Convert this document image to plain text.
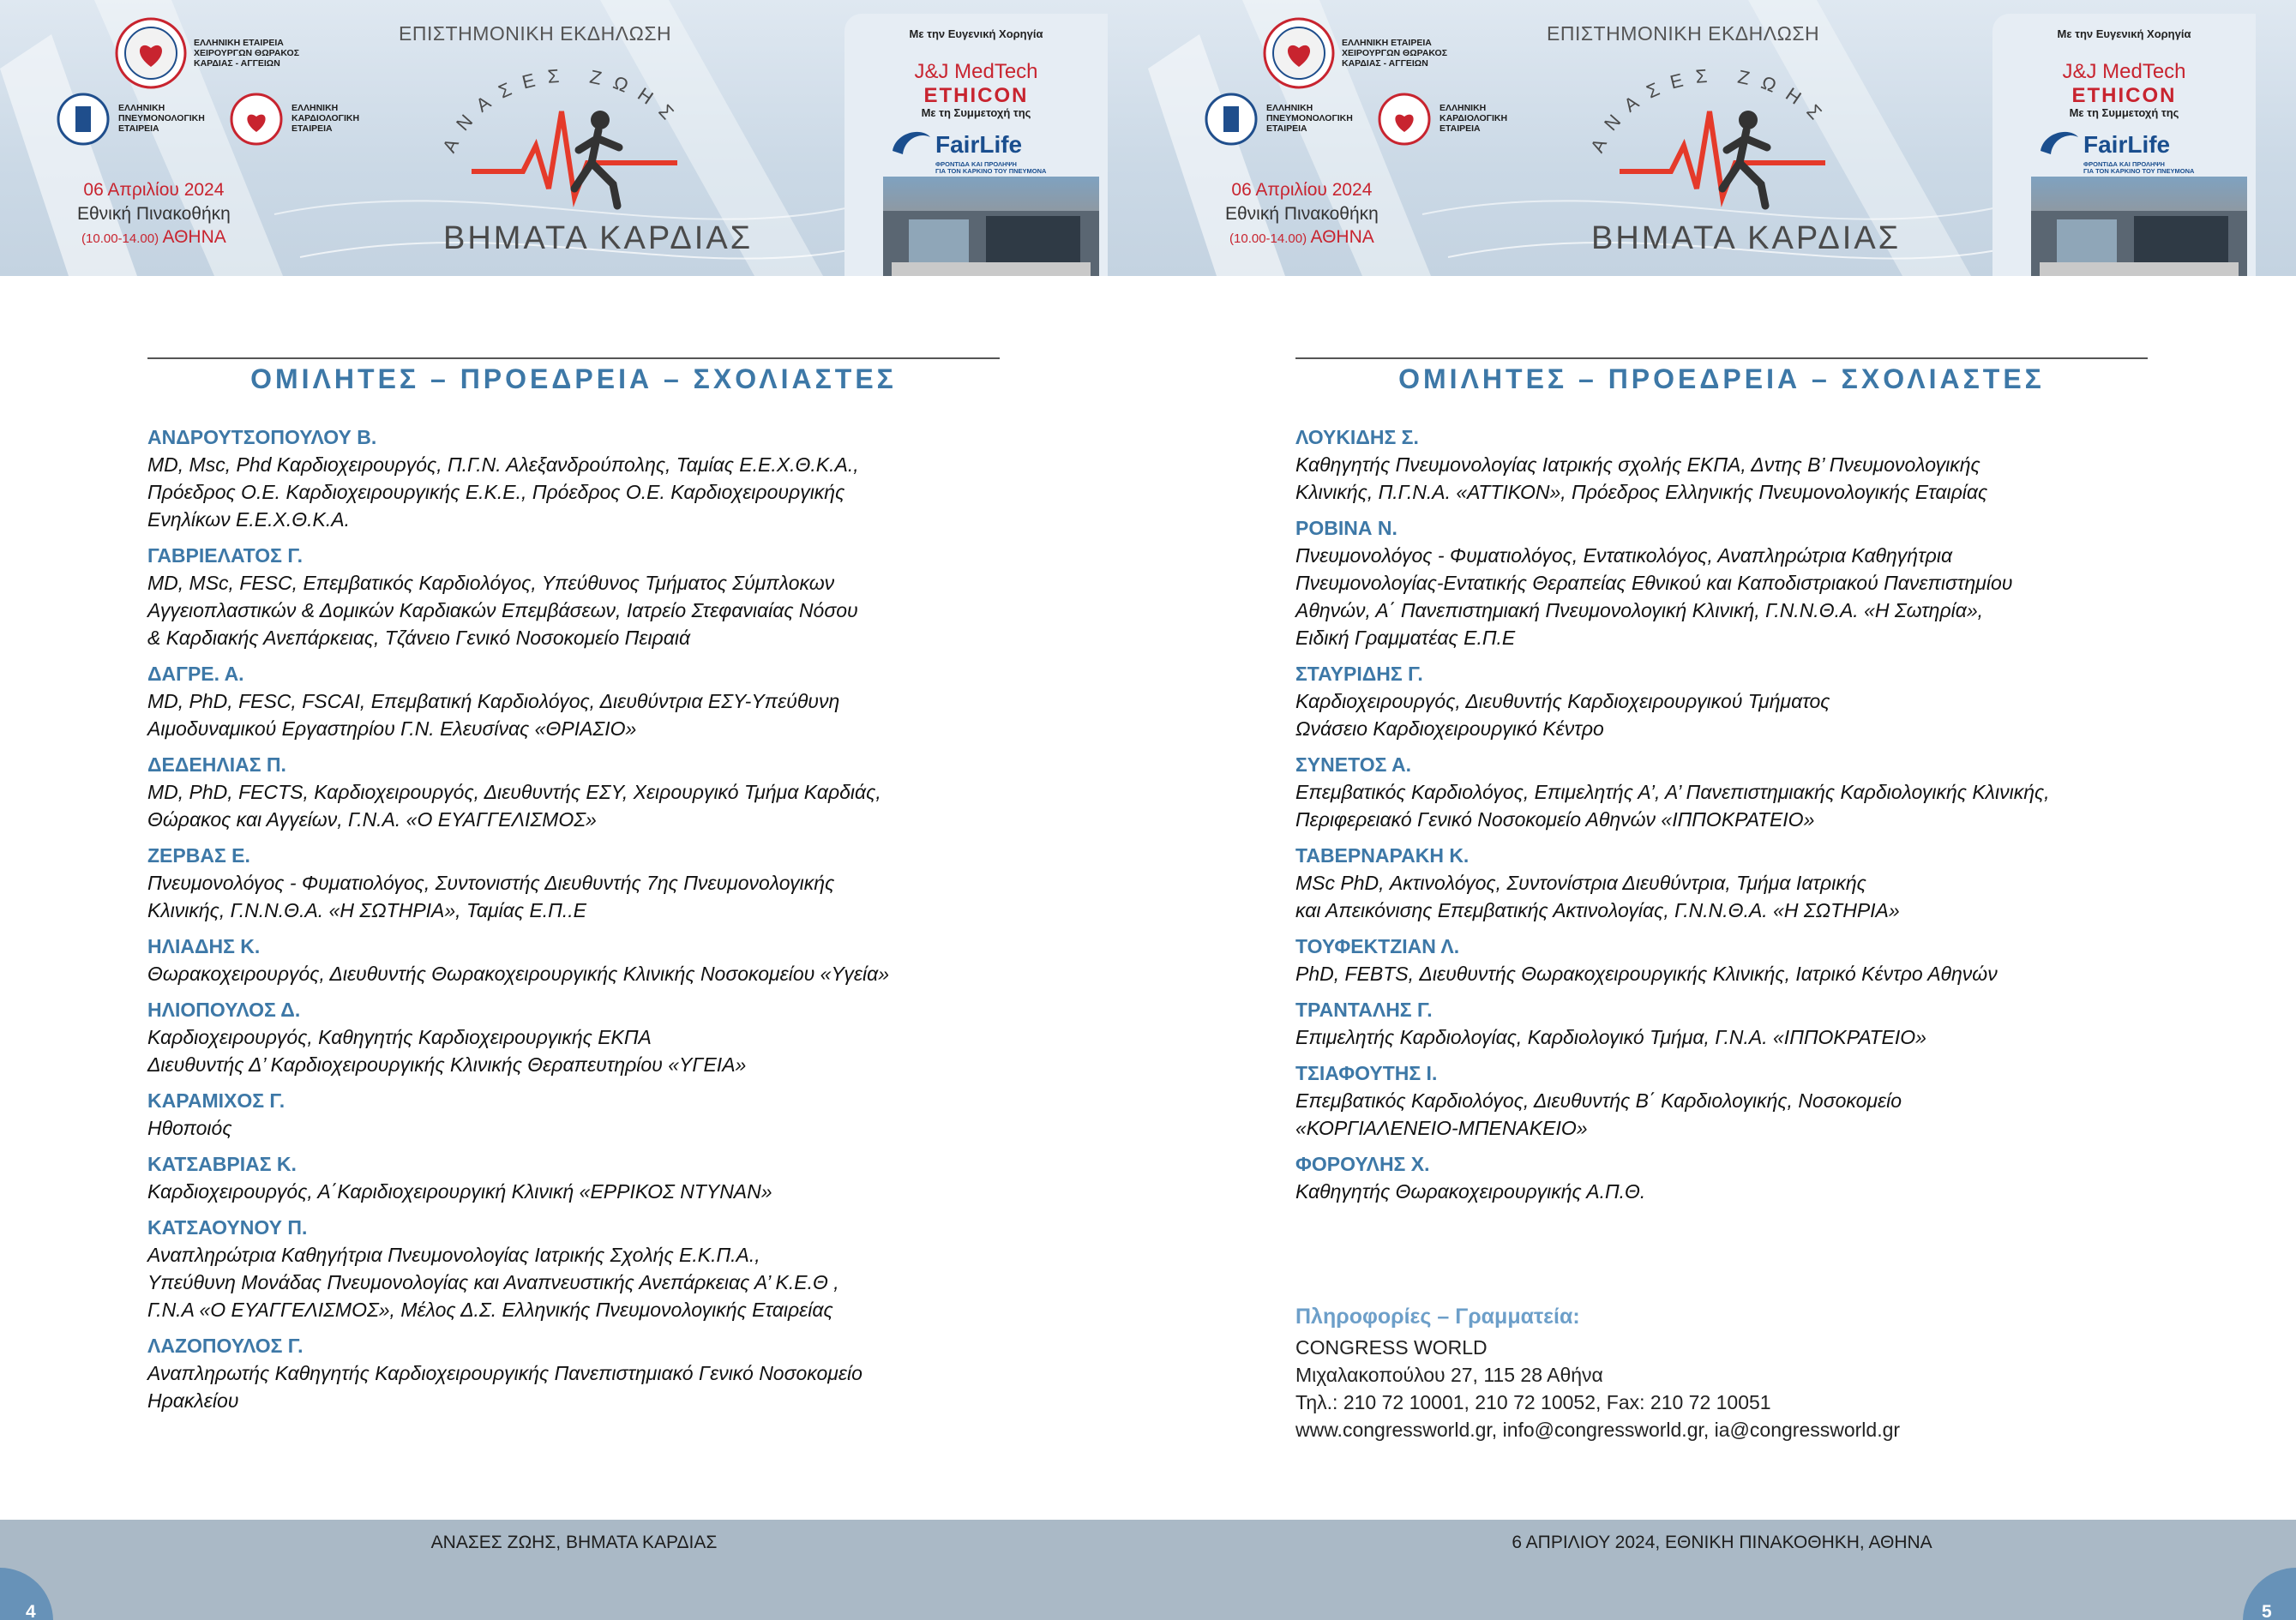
ΕΛΛΗΝΙΚΗ ΕΤΑΙΡΕΙΑ
ΧΕΙΡΟΥΡΓΩΝ ΘΩΡΑΚΟΣ
ΚΑΡΔΙΑΣ - ΑΓΓΕΙΩΝ
ΕΛΛΗΝΙΚΗ
ΠΝΕΥΜΟΝΟΛΟΓΙΚΗ
ΕΤΑΙΡΕΙΑ
ΕΛΛΗΝΙΚΗ
ΚΑΡΔΙΟΛΟΓΙΚΗ
ΕΤΑΙΡΕΙΑ
ΕΠΙΣΤΗΜΟΝΙΚΗ ΕΚΔΗΛΩΣΗ
ΑΝΑΣΕΣ ΖΩΗΣ
ΒΗΜΑΤΑ ΚΑΡΔΙΑΣ
06 Απριλίου 2024
Εθνική Πινακοθήκη
(10.00-14.00) ΑΘΗΝΑ
Με την Ευγενική Χορηγία
J&J MedTech
ETHICON
Με τη Συμμετοχή της
FairLife
ΦΡΟΝΤΙΔΑ ΚΑΙ ΠΡΟΛΗΨΗ
ΓΙΑ ΤΟΝ ΚΑΡΚΙΝΟ ΤΟΥ ΠΝΕΥΜΟΝΑ
ΟΜΙΛΗΤΕΣ – ΠΡΟΕΔΡΕΙΑ – ΣΧΟΛΙΑΣΤΕΣ
ΑΝΔΡΟΥΤΣΟΠΟΥΛΟΥ Β.
MD, Msc, Phd Καρδιοχειρουργός, Π.Γ.Ν. Αλεξανδρούπολης, Ταμίας Ε.Ε.Χ.Θ.Κ.Α.,
Πρόεδρος Ο.Ε. Καρδιοχειρουργικής Ε.Κ.Ε., Πρόεδρος Ο.Ε. Καρδιοχειρουργικής
Ενηλίκων Ε.Ε.Χ.Θ.Κ.Α.
ΓΑΒΡΙΕΛΑΤΟΣ Γ.
MD, MSc, FESC, Επεμβατικός Καρδιολόγος, Υπεύθυνος Τμήματος Σύμπλοκων
Αγγειοπλαστικών & Δομικών Καρδιακών Επεμβάσεων, Ιατρείο Στεφανιαίας Νόσου
& Καρδιακής Ανεπάρκειας, Τζάνειο Γενικό Νοσοκομείο Πειραιά
ΔΑΓΡΕ. Α.
MD, PhD, FESC, FSCAI, Επεμβατική Καρδιολόγος, Διευθύντρια ΕΣΥ-Υπεύθυνη
Αιμοδυναμικού Εργαστηρίου Γ.Ν. Ελευσίνας «ΘΡΙΑΣΙΟ»
ΔΕΔΕΗΛΙΑΣ Π.
MD, PhD, FECTS, Καρδιοχειρουργός, Διευθυντής ΕΣΥ, Χειρουργικό Τμήμα Καρδιάς,
Θώρακος και Αγγείων, Γ.Ν.Α. «Ο ΕΥΑΓΓΕΛΙΣΜΟΣ»
ΖΕΡΒΑΣ Ε.
Πνευμονολόγος - Φυματιολόγος, Συντονιστής Διευθυντής 7ης Πνευμονολογικής
Κλινικής, Γ.Ν.Ν.Θ.Α. «Η ΣΩΤΗΡΙΑ», Ταμίας Ε.Π..Ε
ΗΛΙΑΔΗΣ Κ.
Θωρακοχειρουργός, Διευθυντής Θωρακοχειρουργικής Κλινικής Νοσοκομείου «Υγεία»
ΗΛΙΟΠΟΥΛΟΣ Δ.
Καρδιοχειρουργός, Καθηγητής Καρδιοχειρουργικής ΕΚΠΑ
Διευθυντής Δ’ Καρδιοχειρουργικής Κλινικής Θεραπευτηρίου «ΥΓΕΙΑ»
ΚΑΡΑΜΙΧΟΣ Γ.
Ηθοποιός
ΚΑΤΣΑΒΡΙΑΣ Κ.
Καρδιοχειρουργός, Α΄Καριδιοχειρουργική Κλινική «ΕΡΡΙΚΟΣ ΝΤΥΝΑΝ»
ΚΑΤΣΑΟΥΝΟΥ Π.
Αναπληρώτρια Καθηγήτρια Πνευμονολογίας Ιατρικής Σχολής Ε.Κ.Π.Α.,
Υπεύθυνη Μονάδας Πνευμονολογίας και Αναπνευστικής Ανεπάρκειας Α’ Κ.Ε.Θ ,
Γ.Ν.Α «Ο ΕΥΑΓΓΕΛΙΣΜΟΣ», Μέλος Δ.Σ. Ελληνικής Πνευμονολογικής Εταιρείας
ΛΑΖΟΠΟΥΛΟΣ Γ.
Αναπληρωτής Καθηγητής Καρδιοχειρουργικής Πανεπιστημιακό Γενικό Νοσοκομείο
Ηρακλείου
ΑΝΑΣΕΣ ΖΩΗΣ, ΒΗΜΑΤΑ ΚΑΡΔΙΑΣ
4
ΕΛΛΗΝΙΚΗ ΕΤΑΙΡΕΙΑ
ΧΕΙΡΟΥΡΓΩΝ ΘΩΡΑΚΟΣ
ΚΑΡΔΙΑΣ - ΑΓΓΕΙΩΝ
ΕΛΛΗΝΙΚΗ
ΠΝΕΥΜΟΝΟΛΟΓΙΚΗ
ΕΤΑΙΡΕΙΑ
ΕΛΛΗΝΙΚΗ
ΚΑΡΔΙΟΛΟΓΙΚΗ
ΕΤΑΙΡΕΙΑ
ΕΠΙΣΤΗΜΟΝΙΚΗ ΕΚΔΗΛΩΣΗ
ΑΝΑΣΕΣ ΖΩΗΣ
ΒΗΜΑΤΑ ΚΑΡΔΙΑΣ
06 Απριλίου 2024
Εθνική Πινακοθήκη
(10.00-14.00) ΑΘΗΝΑ
Με την Ευγενική Χορηγία
J&J MedTech
ETHICON
Με τη Συμμετοχή της
FairLife
ΦΡΟΝΤΙΔΑ ΚΑΙ ΠΡΟΛΗΨΗ
ΓΙΑ ΤΟΝ ΚΑΡΚΙΝΟ ΤΟΥ ΠΝΕΥΜΟΝΑ
ΟΜΙΛΗΤΕΣ – ΠΡΟΕΔΡΕΙΑ – ΣΧΟΛΙΑΣΤΕΣ
ΛΟΥΚΙΔΗΣ Σ.
Καθηγητής Πνευμονολογίας Ιατρικής σχολής ΕΚΠΑ, Δντης Β’ Πνευμονολογικής
Κλινικής, Π.Γ.Ν.Α. «ΑΤΤΙΚΟΝ», Πρόεδρος Ελληνικής Πνευμονολογικής Εταιρίας
ΡΟΒΙΝΑ Ν.
Πνευμονολόγος - Φυματιολόγος, Εντατικολόγος, Αναπληρώτρια Καθηγήτρια
Πνευμονολογίας-Εντατικής Θεραπείας Εθνικού και Καποδιστριακού Πανεπιστημίου
Αθηνών, Α΄ Πανεπιστημιακή Πνευμονολογική Κλινική, Γ.Ν.Ν.Θ.Α. «Η Σωτηρία»,
Ειδική Γραμματέας Ε.Π.Ε
ΣΤΑΥΡΙΔΗΣ Γ.
Καρδιοχειρουργός, Διευθυντής Καρδιοχειρουργικού Τμήματος
Ωνάσειο Καρδιοχειρουργικό Κέντρο
ΣΥΝΕΤΟΣ Α.
Επεμβατικός Καρδιολόγος, Επιμελητής Α’, Α’ Πανεπιστημιακής Καρδιολογικής Κλινικής,
Περιφερειακό Γενικό Νοσοκομείο Αθηνών «ΙΠΠΟΚΡΑΤΕΙΟ»
ΤΑΒΕΡΝΑΡΑΚΗ Κ.
MSc PhD, Ακτινολόγος, Συντονίστρια Διευθύντρια, Τμήμα Ιατρικής
και Απεικόνισης Επεμβατικής Ακτινολογίας, Γ.Ν.Ν.Θ.Α. «Η ΣΩΤΗΡΙΑ»
ΤΟΥΦΕΚΤΖΙΑΝ Λ.
PhD, FEBTS, Διευθυντής Θωρακοχειρουργικής Κλινικής, Ιατρικό Κέντρο Αθηνών
ΤΡΑΝΤΑΛΗΣ Γ.
Επιμελητής Καρδιολογίας, Καρδιολογικό Τμήμα, Γ.Ν.Α. «ΙΠΠΟΚΡΑΤΕΙΟ»
ΤΣΙΑΦΟΥΤΗΣ Ι.
Επεμβατικός Καρδιολόγος, Διευθυντής Β΄ Καρδιολογικής, Νοσοκομείο
«ΚΟΡΓΙΑΛΕΝΕΙΟ-ΜΠΕΝΑΚΕΙΟ»
ΦΟΡΟΥΛΗΣ Χ.
Καθηγητής Θωρακοχειρουργικής Α.Π.Θ.
Πληροφορίες – Γραμματεία:
CONGRESS WORLD
Μιχαλακοπούλου 27, 115 28 Αθήνα
Τηλ.: 210 72 10001, 210 72 10052, Fax: 210 72 10051
www.congressworld.gr, info@congressworld.gr, ia@congressworld.gr
6 ΑΠΡΙΛΙΟΥ 2024, ΕΘΝΙΚΗ ΠΙΝΑΚΟΘΗΚΗ, ΑΘΗΝΑ
5
